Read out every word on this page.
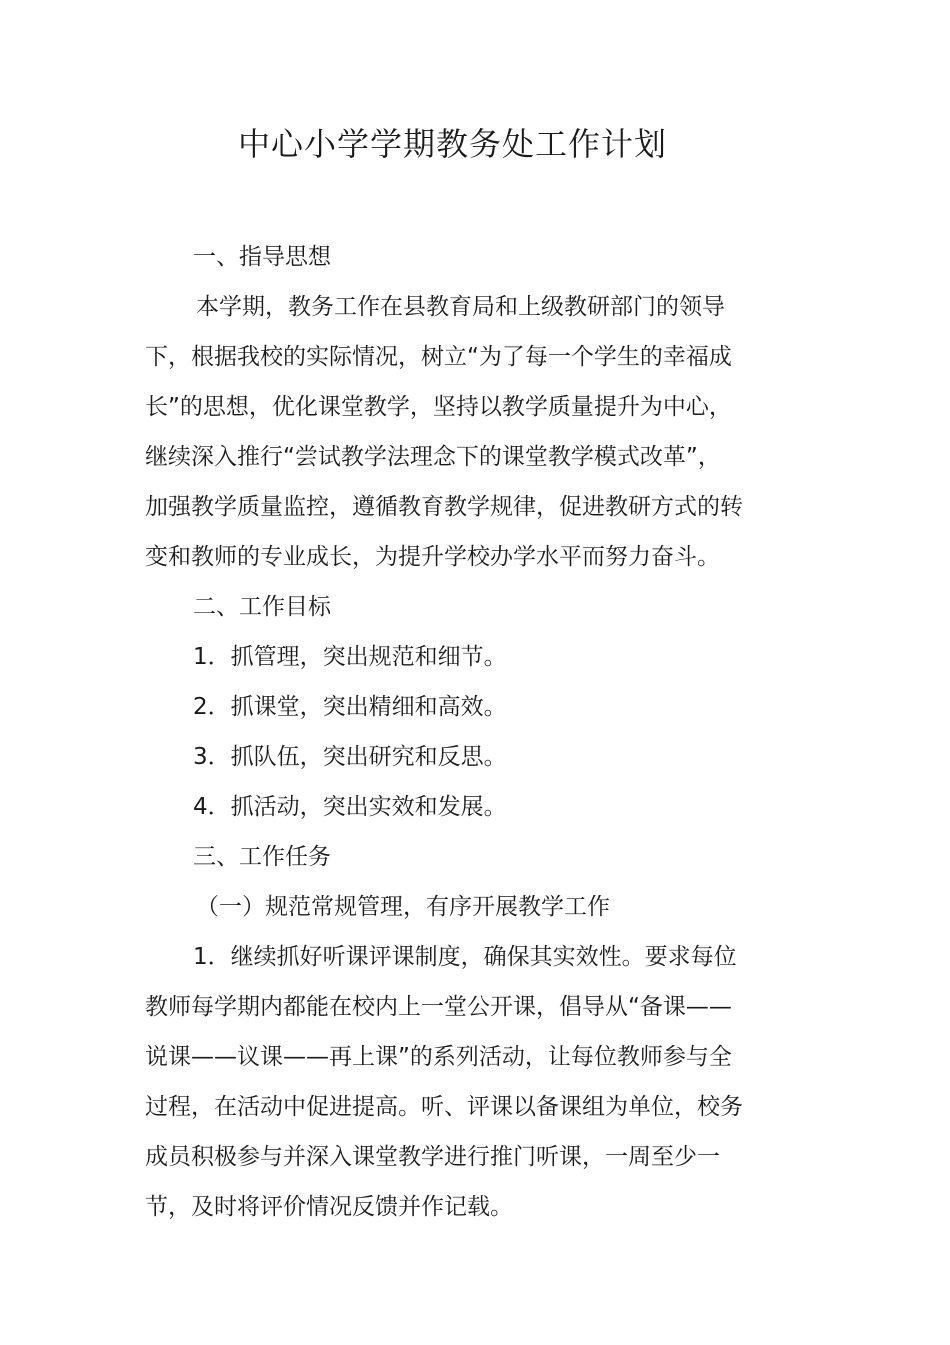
中心小学学期教务处工作计划
一、指导思想
本学期，教务工作在县教育局和上级教研部门的领导
下，根据我校的实际情况，树立“为了每一个学生的幸福成
长”的思想，优化课堂教学，坚持以教学质量提升为中心，
继续深入推行“尝试教学法理念下的课堂教学模式改革”，
加强教学质量监控，遵循教育教学规律，促进教研方式的转
变和教师的专业成长，为提升学校办学水平而努力奋斗。
二、工作目标
1．抓管理，突出规范和细节。
2．抓课堂，突出精细和高效。
3．抓队伍，突出研究和反思。
4．抓活动，突出实效和发展。
三、工作任务
（一）规范常规管理，有序开展教学工作
1．继续抓好听课评课制度，确保其实效性。要求每位
教师每学期内都能在校内上一堂公开课，倡导从“备课——
说课——议课——再上课”的系列活动，让每位教师参与全
过程，在活动中促进提高。听、评课以备课组为单位，校务
成员积极参与并深入课堂教学进行推门听课，一周至少一
节，及时将评价情况反馈并作记载。
